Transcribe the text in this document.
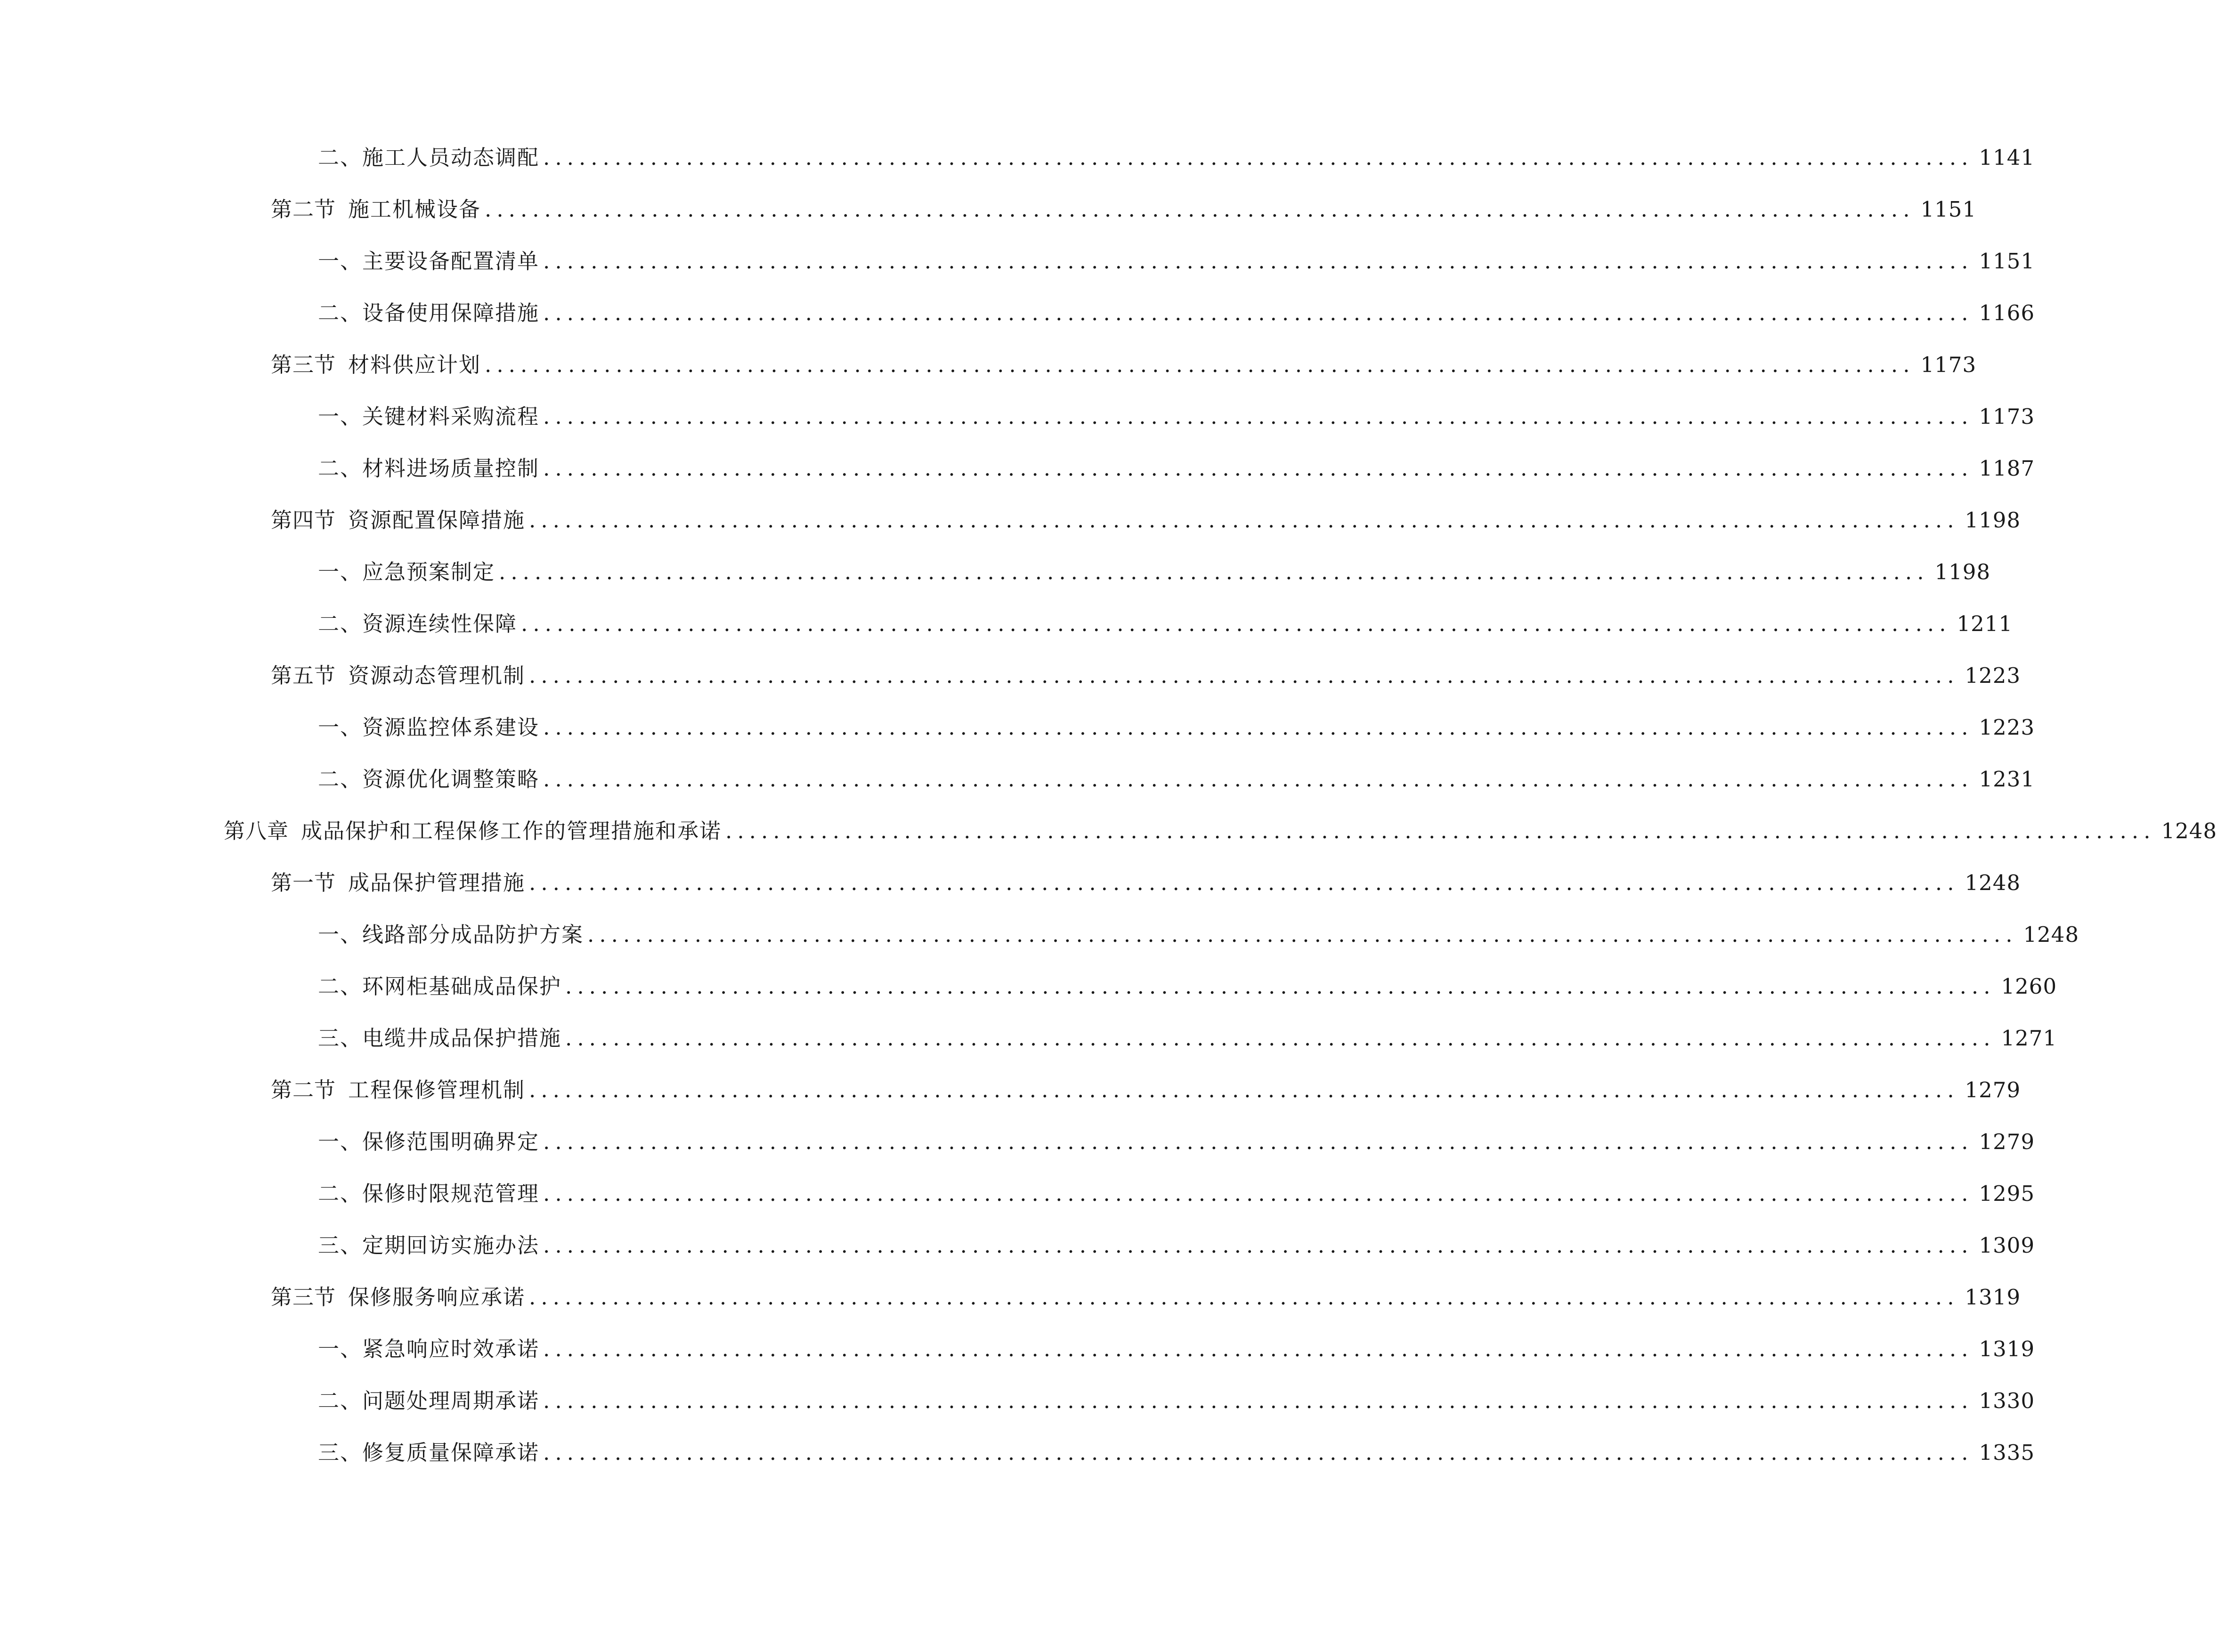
二、 施工人员动态调配 ........................................................................................................................ 1141
第二节 施工机械设备 ........................................................................................................................ 1151
一、 主要设备配置清单 ........................................................................................................................ 1151
二、 设备使用保障措施 ........................................................................................................................ 1166
第三节 材料供应计划 ........................................................................................................................ 1173
一、 关键材料采购流程 ........................................................................................................................ 1173
二、 材料进场质量控制 ........................................................................................................................ 1187
第四节 资源配置保障措施 ........................................................................................................................ 1198
一、 应急预案制定 ........................................................................................................................ 1198
二、 资源连续性保障 ........................................................................................................................ 1211
第五节 资源动态管理机制 ........................................................................................................................ 1223
一、 资源监控体系建设 ........................................................................................................................ 1223
二、 资源优化调整策略 ........................................................................................................................ 1231
第八章 成品保护和工程保修工作的管理措施和承诺 ........................................................................................................................ 1248
第一节 成品保护管理措施 ........................................................................................................................ 1248
一、 线路部分成品防护方案 ........................................................................................................................ 1248
二、 环网柜基础成品保护 ........................................................................................................................ 1260
三、 电缆井成品保护措施 ........................................................................................................................ 1271
第二节 工程保修管理机制 ........................................................................................................................ 1279
一、 保修范围明确界定 ........................................................................................................................ 1279
二、 保修时限规范管理 ........................................................................................................................ 1295
三、 定期回访实施办法 ........................................................................................................................ 1309
第三节 保修服务响应承诺 ........................................................................................................................ 1319
一、 紧急响应时效承诺 ........................................................................................................................ 1319
二、 问题处理周期承诺 ........................................................................................................................ 1330
三、 修复质量保障承诺 ........................................................................................................................ 1335
